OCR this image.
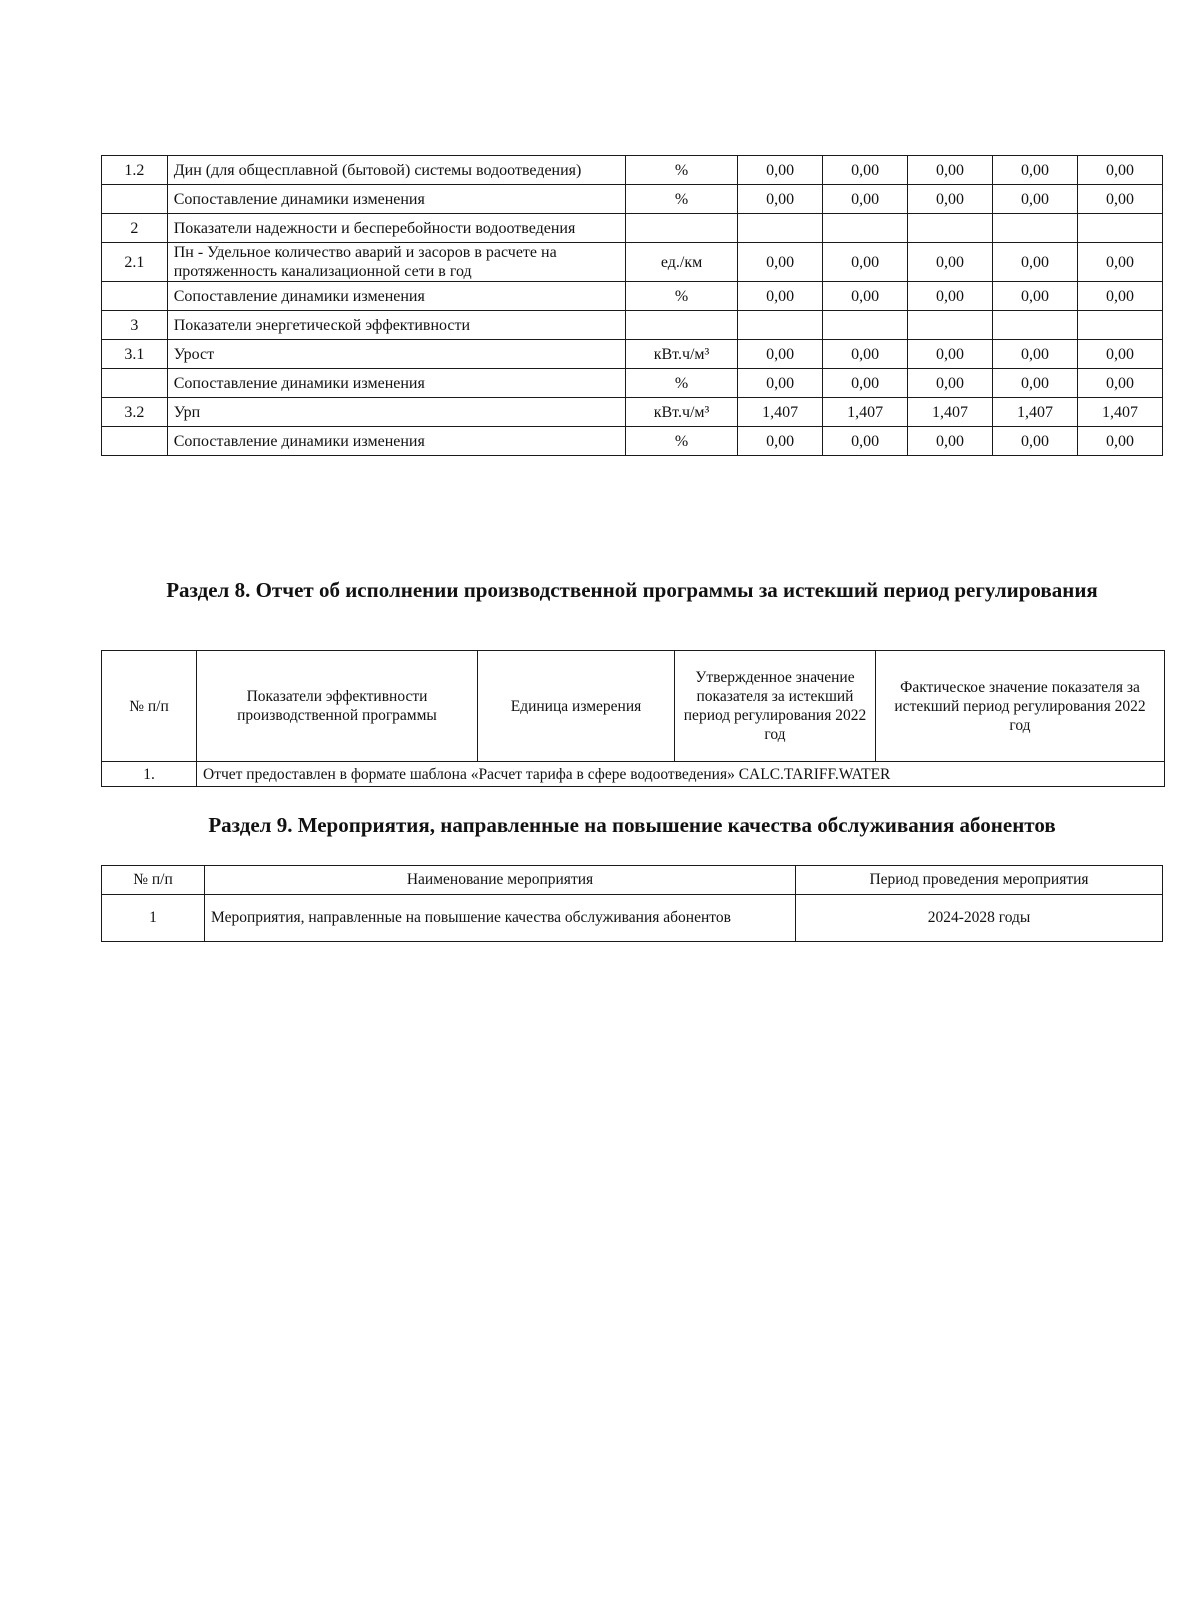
1.2	Дин (для общесплавной (бытовой) системы водоотведения)	%	0,00	0,00	0,00	0,00	0,00
	Сопоставление динамики изменения	%	0,00	0,00	0,00	0,00	0,00
2	Показатели надежности и бесперебойности водоотведения						
2.1	Пн - Удельное количество аварий и засоров в расчете на протяженность канализационной сети в год	ед./км	0,00	0,00	0,00	0,00	0,00
	Сопоставление динамики изменения	%	0,00	0,00	0,00	0,00	0,00
3	Показатели энергетической эффективности						
3.1	Урост	кВт.ч/м³	0,00	0,00	0,00	0,00	0,00
	Сопоставление динамики изменения	%	0,00	0,00	0,00	0,00	0,00
3.2	Урп	кВт.ч/м³	1,407	1,407	1,407	1,407	1,407
	Сопоставление динамики изменения	%	0,00	0,00	0,00	0,00	0,00
Раздел 8. Отчет об исполнении производственной программы за истекший период регулирования
№ п/п	Показатели эффективности производственной программы	Единица измерения	Утвержденное значение показателя за истекший период регулирования 2022 год	Фактическое значение показателя за истекший период регулирования 2022 год
1.	Отчет предоставлен в формате шаблона «Расчет тарифа в сфере водоотведения» CALC.TARIFF.WATER			
Раздел 9. Мероприятия, направленные на повышение качества обслуживания абонентов
№ п/п	Наименование мероприятия	Период проведения мероприятия
1	Мероприятия, направленные на повышение качества обслуживания абонентов	2024-2028 годы
